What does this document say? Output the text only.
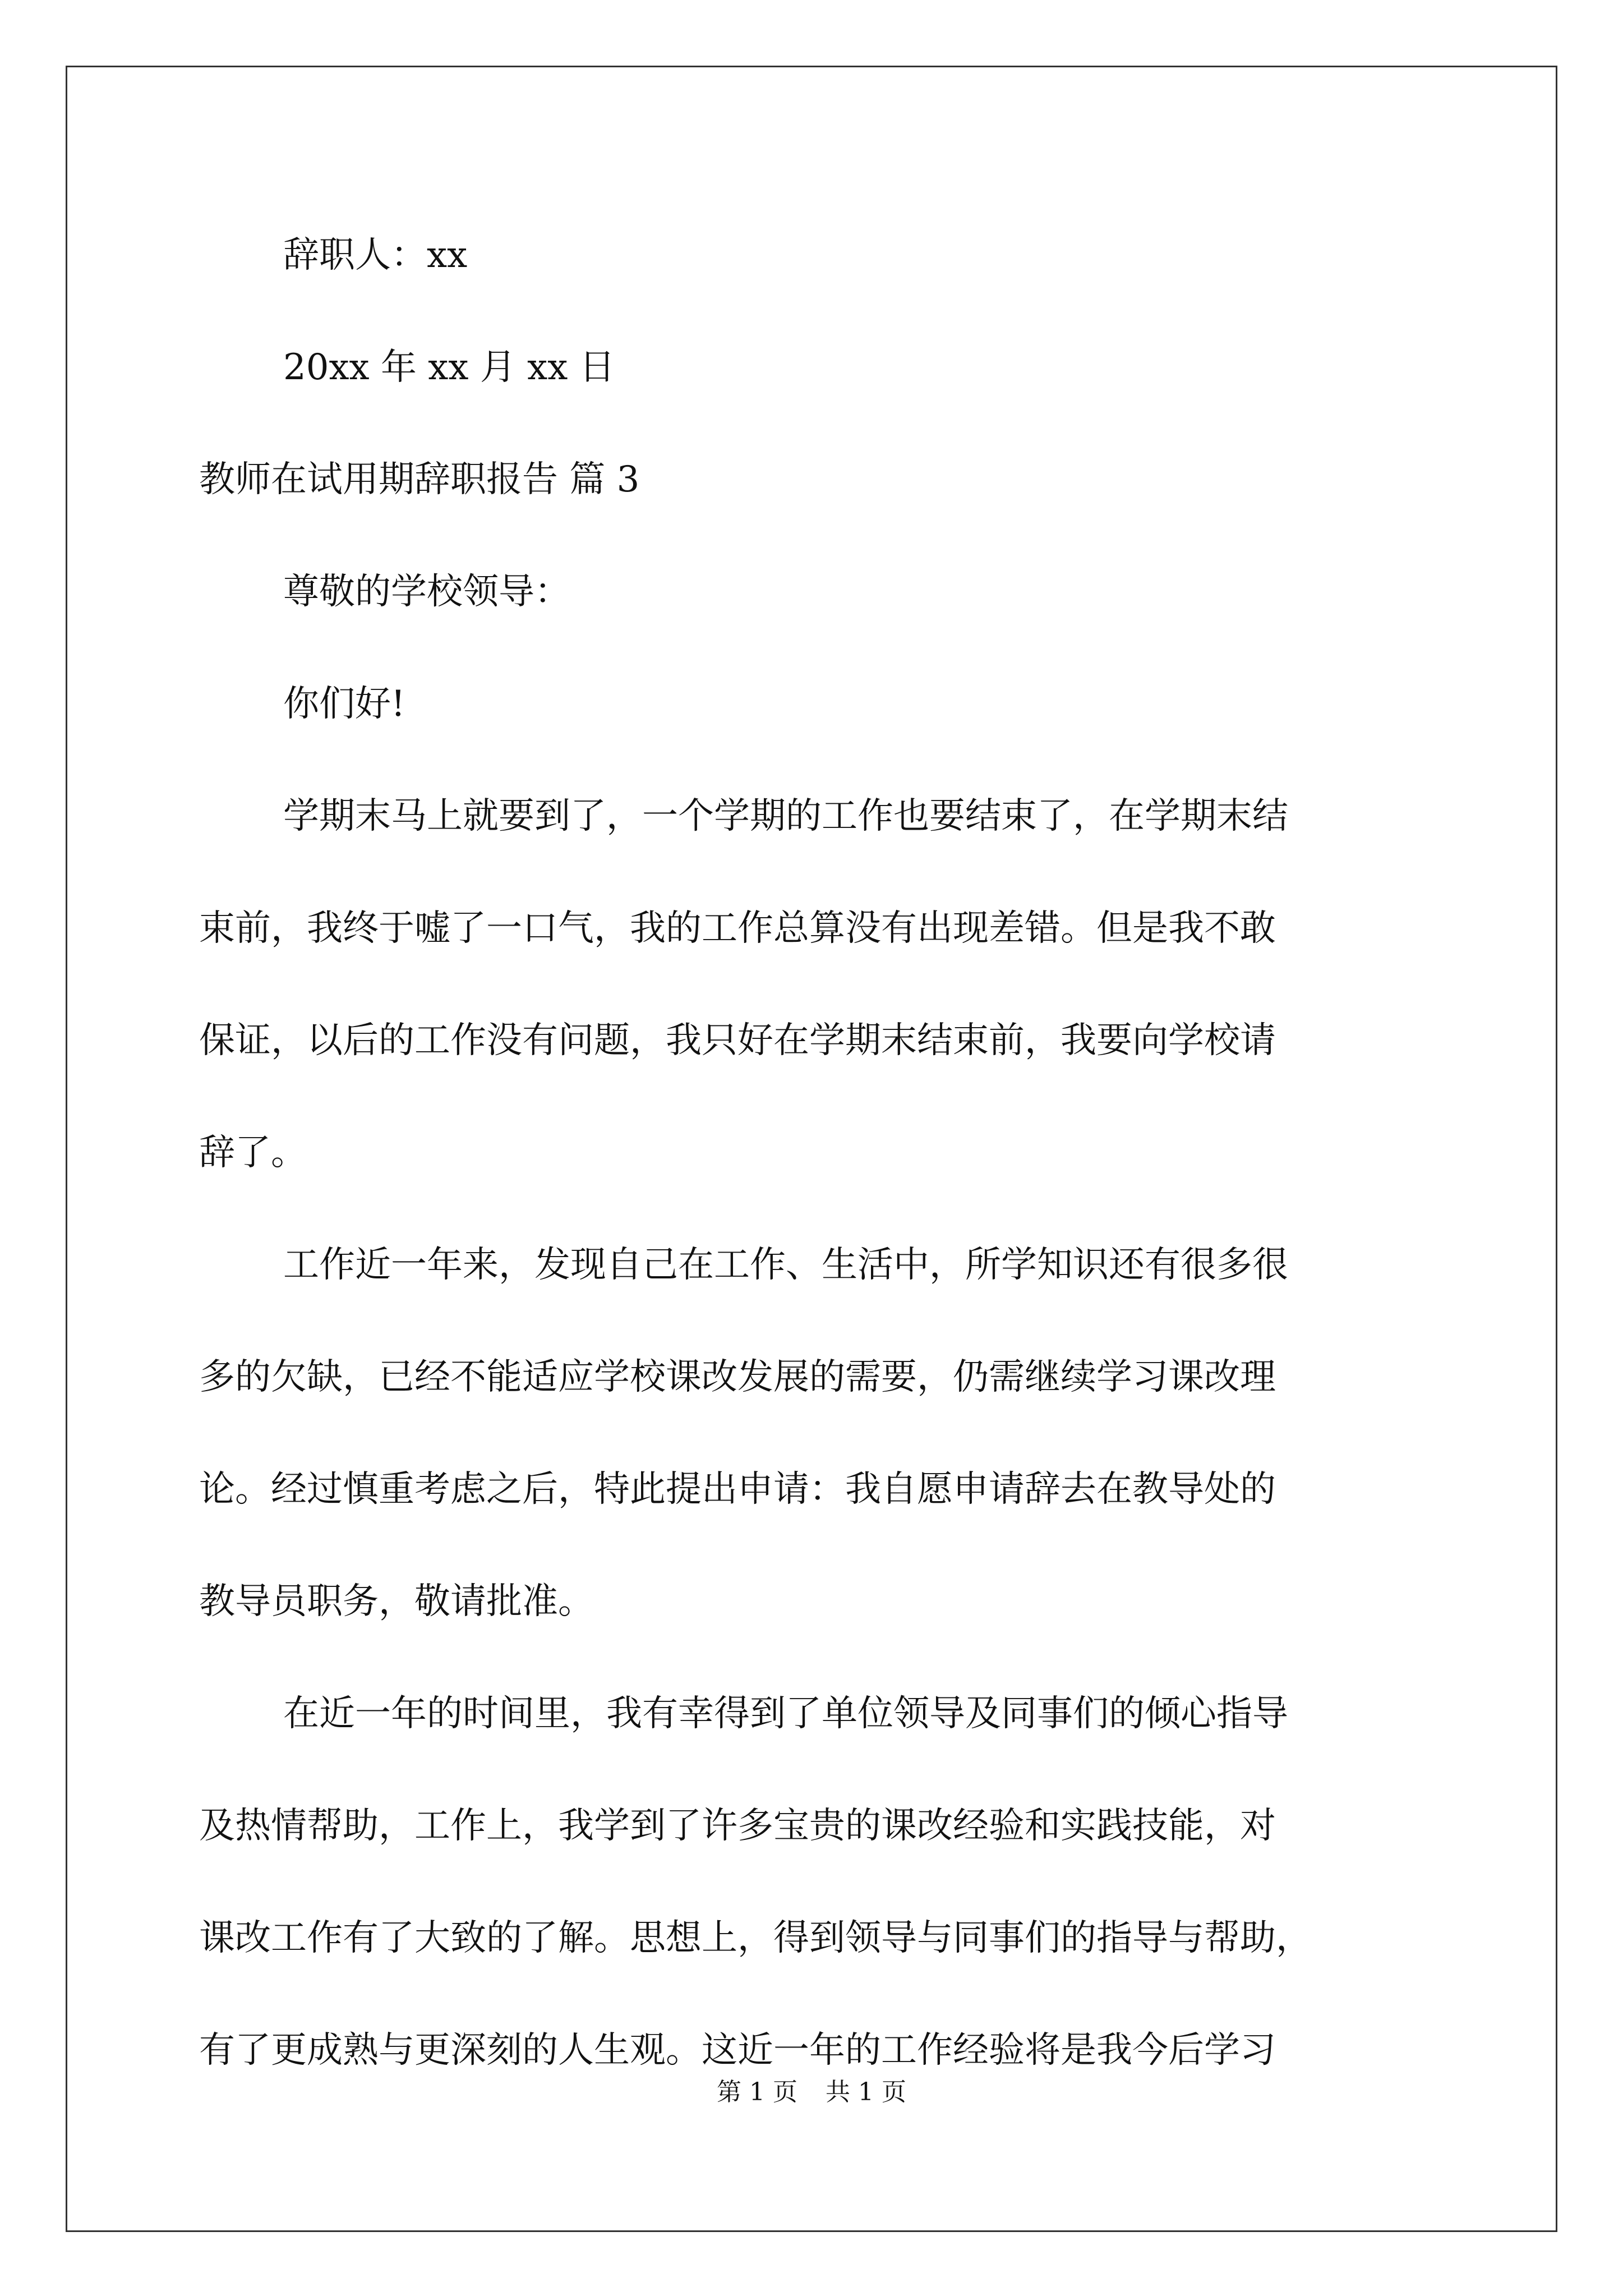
辞职人：xx
20xx 年 xx 月 xx 日
教师在试用期辞职报告 篇 3
尊敬的学校领导：
你们好!
学期末马上就要到了，一个学期的工作也要结束了，在学期末结
束前，我终于嘘了一口气，我的工作总算没有出现差错。但是我不敢
保证，以后的工作没有问题，我只好在学期末结束前，我要向学校请
辞了。
工作近一年来，发现自己在工作、生活中，所学知识还有很多很
多的欠缺，已经不能适应学校课改发展的需要，仍需继续学习课改理
论。经过慎重考虑之后，特此提出申请：我自愿申请辞去在教导处的
教导员职务，敬请批准。
在近一年的时间里，我有幸得到了单位领导及同事们的倾心指导
及热情帮助，工作上，我学到了许多宝贵的课改经验和实践技能，对
课改工作有了大致的了解。思想上，得到领导与同事们的指导与帮助，
有了更成熟与更深刻的人生观。这近一年的工作经验将是我今后学习
第 1 页 共 1 页
